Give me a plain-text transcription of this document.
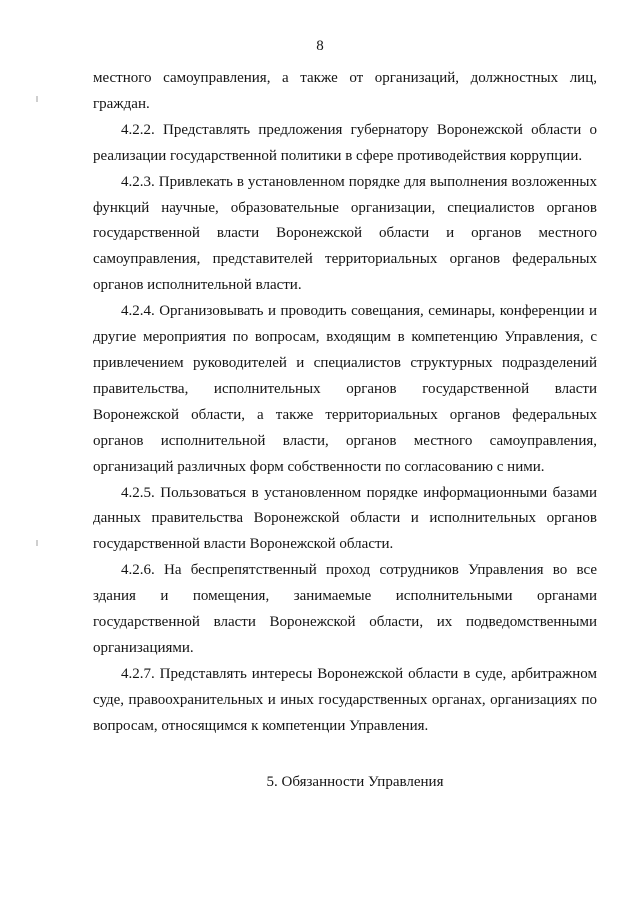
8

местного самоуправления, а также от организаций, должностных лиц, граждан.

4.2.2. Представлять предложения губернатору Воронежской области о реализации государственной политики в сфере противодействия коррупции.

4.2.3. Привлекать в установленном порядке для выполнения возложенных функций научные, образовательные организации, специалистов органов государственной власти Воронежской области и органов местного самоуправления, представителей территориальных органов федеральных органов исполнительной власти.

4.2.4. Организовывать и проводить совещания, семинары, конференции и другие мероприятия по вопросам, входящим в компетенцию Управления, с привлечением руководителей и специалистов структурных подразделений правительства, исполнительных органов государственной власти Воронежской области, а также территориальных органов федеральных органов исполнительной власти, органов местного самоуправления, организаций различных форм собственности по согласованию с ними.

4.2.5. Пользоваться в установленном порядке информационными базами данных правительства Воронежской области и исполнительных органов государственной власти Воронежской области.

4.2.6. На беспрепятственный проход сотрудников Управления во все здания и помещения, занимаемые исполнительными органами государственной власти Воронежской области, их подведомственными организациями.

4.2.7. Представлять интересы Воронежской области в суде, арбитражном суде, правоохранительных и иных государственных органах, организациях по вопросам, относящимся к компетенции Управления.

5. Обязанности Управления
